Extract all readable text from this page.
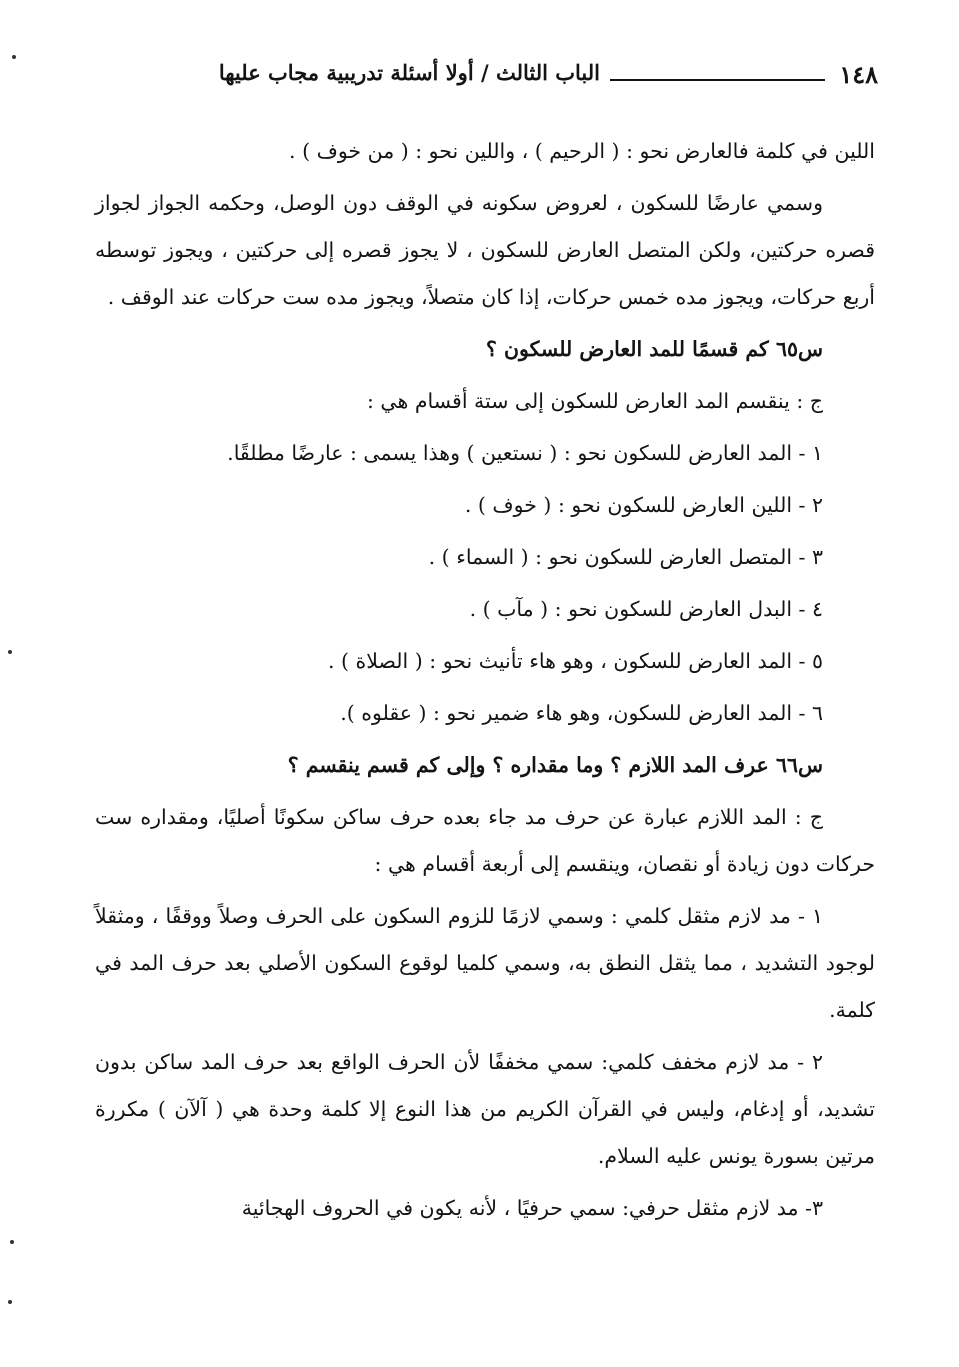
الباب الثالث / أولا أسئلة تدريبية مجاب عليها	١٤٨

اللين في كلمة فالعارض نحو : ( الرحيم ) ، واللين نحو : ( من خوف ) .

وسمي عارضًا للسكون ، لعروض سكونه في الوقف دون الوصل، وحكمه الجواز لجواز قصره حركتين، ولكن المتصل العارض للسكون ، لا يجوز قصره إلى حركتين ، ويجوز توسطه أربع حركات، ويجوز مده خمس حركات، إذا كان متصلاً، ويجوز مده ست حركات عند الوقف .

س٦٥ كم قسمًا للمد العارض للسكون ؟

ج : ينقسم المد العارض للسكون إلى ستة أقسام هي :

١ - المد العارض للسكون نحو : ( نستعين ) وهذا يسمى : عارضًا مطلقًا.

٢ - اللين العارض للسكون نحو : ( خوف ) .

٣ - المتصل العارض للسكون نحو : ( السماء ) .

٤ - البدل العارض للسكون نحو : ( مآب ) .

٥ - المد العارض للسكون ، وهو هاء تأنيث نحو : ( الصلاة ) .

٦ - المد العارض للسكون، وهو هاء ضمير نحو : ( عقلوه ).

س٦٦ عرف المد اللازم ؟ وما مقداره ؟ وإلى كم قسم ينقسم ؟

ج : المد اللازم عبارة عن حرف مد جاء بعده حرف ساكن سكونًا أصليًا، ومقداره ست حركات دون زيادة أو نقصان، وينقسم إلى أربعة أقسام هي :

١ - مد لازم مثقل كلمي : وسمي لازمًا للزوم السكون على الحرف وصلاً ووقفًا ، ومثقلاً لوجود التشديد ، مما يثقل النطق به، وسمي كلميا لوقوع السكون الأصلي بعد حرف المد في كلمة.

٢ - مد لازم مخفف كلمي: سمي مخففًا لأن الحرف الواقع بعد حرف المد ساكن بدون تشديد، أو إدغام، وليس في القرآن الكريم من هذا النوع إلا كلمة وحدة هي ( آلآن ) مكررة مرتين بسورة يونس عليه السلام.

٣- مد لازم مثقل حرفي: سمي حرفيًا ، لأنه يكون في الحروف الهجائية
